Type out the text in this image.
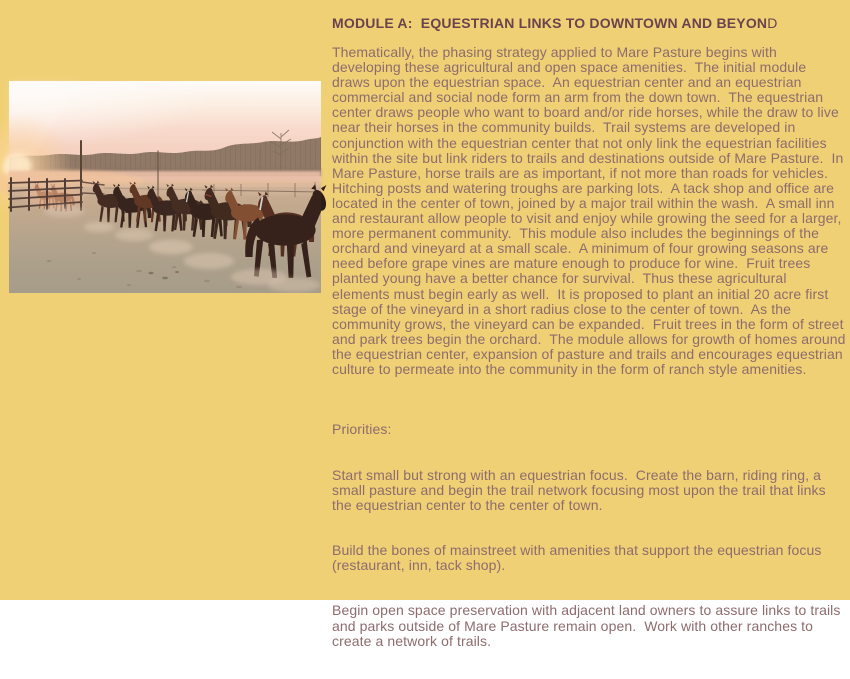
MODULE A:  EQUESTRIAN LINKS TO DOWNTOWN AND BEYOND

Thematically, the phasing strategy applied to Mare Pasture begins with developing these agricultural and open space amenities.  The initial module draws upon the equestrian space.  An equestrian center and an equestrian commercial and social node form an arm from the down town.  The equestrian center draws people who want to board and/or ride horses, while the draw to live near their horses in the community builds.  Trail systems are developed in conjunction with the equestrian center that not only link the equestrian facilities within the site but link riders to trails and destinations outside of Mare Pasture.  In Mare Pasture, horse trails are as important, if not more than roads for vehicles.  Hitching posts and watering troughs are parking lots.  A tack shop and office are located in the center of town, joined by a major trail within the wash.  A small inn and restaurant allow people to visit and enjoy while growing the seed for a larger, more permanent community.  This module also includes the beginnings of the orchard and vineyard at a small scale.  A minimum of four growing seasons are need before grape vines are mature enough to produce for wine.  Fruit trees planted young have a better chance for survival.  Thus these agricultural elements must begin early as well.  It is proposed to plant an initial 20 acre first stage of the vineyard in a short radius close to the center of town.  As the community grows, the vineyard can be expanded.  Fruit trees in the form of street and park trees begin the orchard.  The module allows for growth of homes around the equestrian center, expansion of pasture and trails and encourages equestrian culture to permeate into the community in the form of ranch style amenities.

Priorities:

Start small but strong with an equestrian focus.  Create the barn, riding ring, a small pasture and begin the trail network focusing most upon the trail that links the equestrian center to the center of town.

Build the bones of mainstreet with amenities that support the equestrian focus (restaurant, inn, tack shop).

Begin open space preservation with adjacent land owners to assure links to trails and parks outside of Mare Pasture remain open.  Work with other ranches to create a network of trails.
